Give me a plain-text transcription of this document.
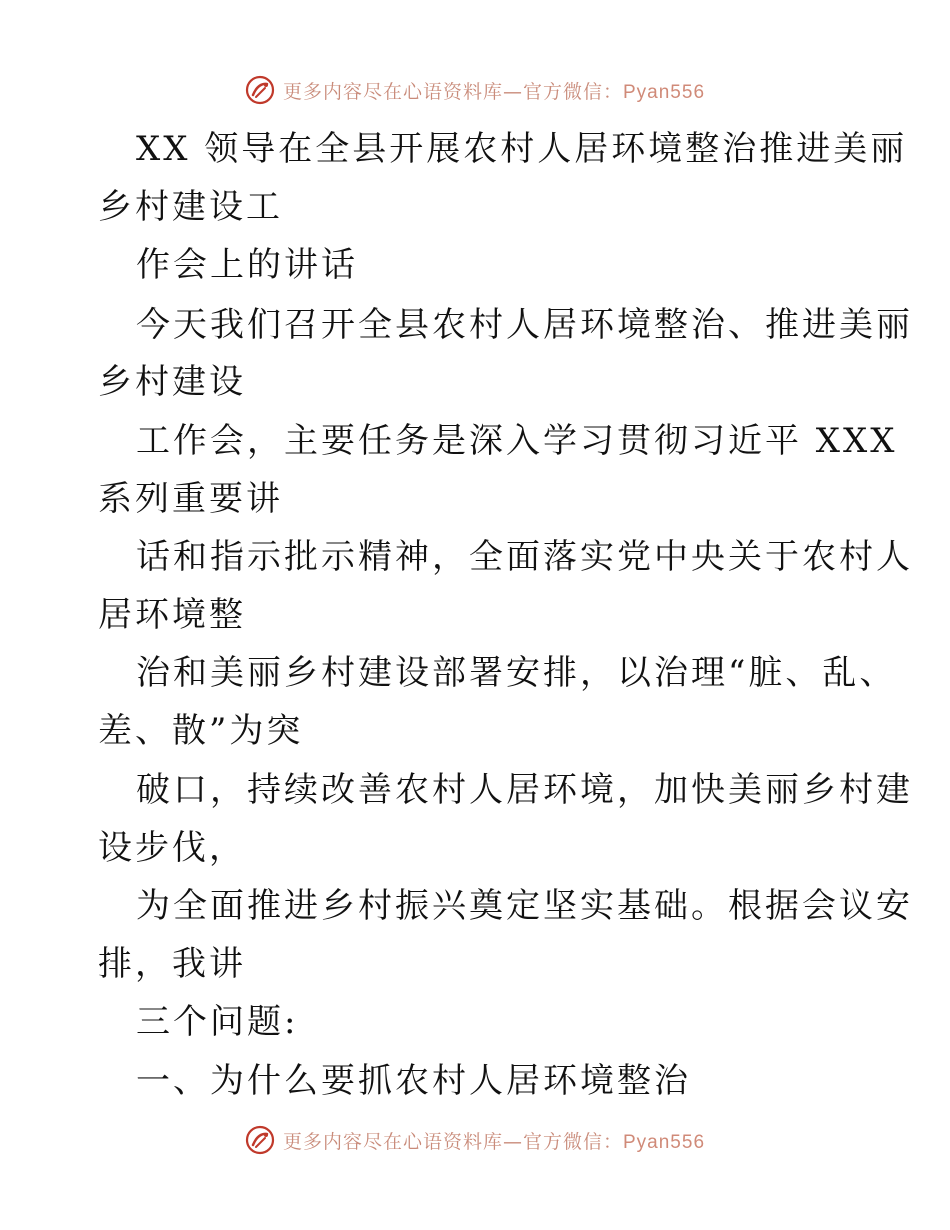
更多内容尽在心语资料库—官方微信：Pyan556
XX 领导在全县开展农村人居环境整治推进美丽
乡村建设工
作会上的讲话
今天我们召开全县农村人居环境整治、推进美丽
乡村建设
工作会，主要任务是深入学习贯彻习近平 XXX
系列重要讲
话和指示批示精神，全面落实党中央关于农村人
居环境整
治和美丽乡村建设部署安排，以治理“脏、乱、
差、散”为突
破口，持续改善农村人居环境，加快美丽乡村建
设步伐，
为全面推进乡村振兴奠定坚实基础。根据会议安
排，我讲
三个问题:
一、为什么要抓农村人居环境整治
更多内容尽在心语资料库—官方微信：Pyan556
